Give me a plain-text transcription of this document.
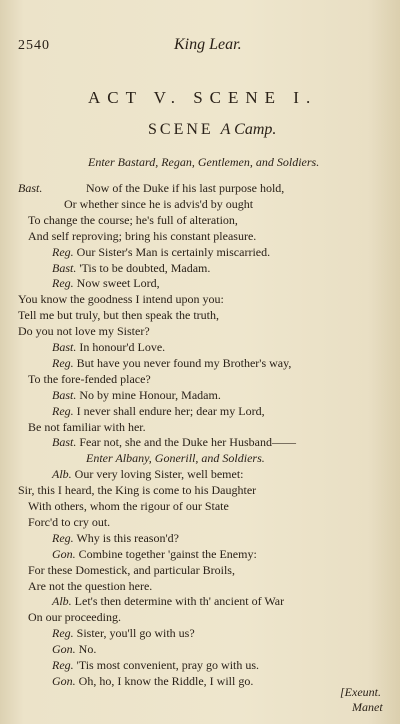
2540	King Lear.
ACT V. SCENE I.
SCENE A Camp.
Enter Bastard, Regan, Gentlemen, and Soldiers.
Bast.	Now of the Duke if his last purpose hold,
Or whether since he is advis'd by ought
To change the course; he's full of alteration,
And self reproving; bring his constant pleasure.
Reg. Our Sister's Man is certainly miscarried.
Bast. 'Tis to be doubted, Madam.
Reg. Now sweet Lord,
You know the goodness I intend upon you:
Tell me but truly, but then speak the truth,
Do you not love my Sister?
Bast. In honour'd Love.
Reg. But have you never found my Brother's way,
To the fore-fended place?
Bast. No by mine Honour, Madam.
Reg. I never shall endure her; dear my Lord,
Be not familiar with her.
Bast. Fear not, she and the Duke her Husband——
Enter Albany, Gonerill, and Soldiers.
Alb. Our very loving Sister, well bemet:
Sir, this I heard, the King is come to his Daughter
With others, whom the rigour of our State
Forc'd to cry out.
Reg. Why is this reason'd?
Gon. Combine together 'gainst the Enemy:
For these Domestick, and particular Broils,
Are not the question here.
Alb. Let's then determine with th' ancient of War
On our proceeding.
Reg. Sister, you'll go with us?
Gon. No.
Reg. 'Tis most convenient, pray go with us.
Gon. Oh, ho, I know the Riddle, I will go.
[Exeunt.
Manet
